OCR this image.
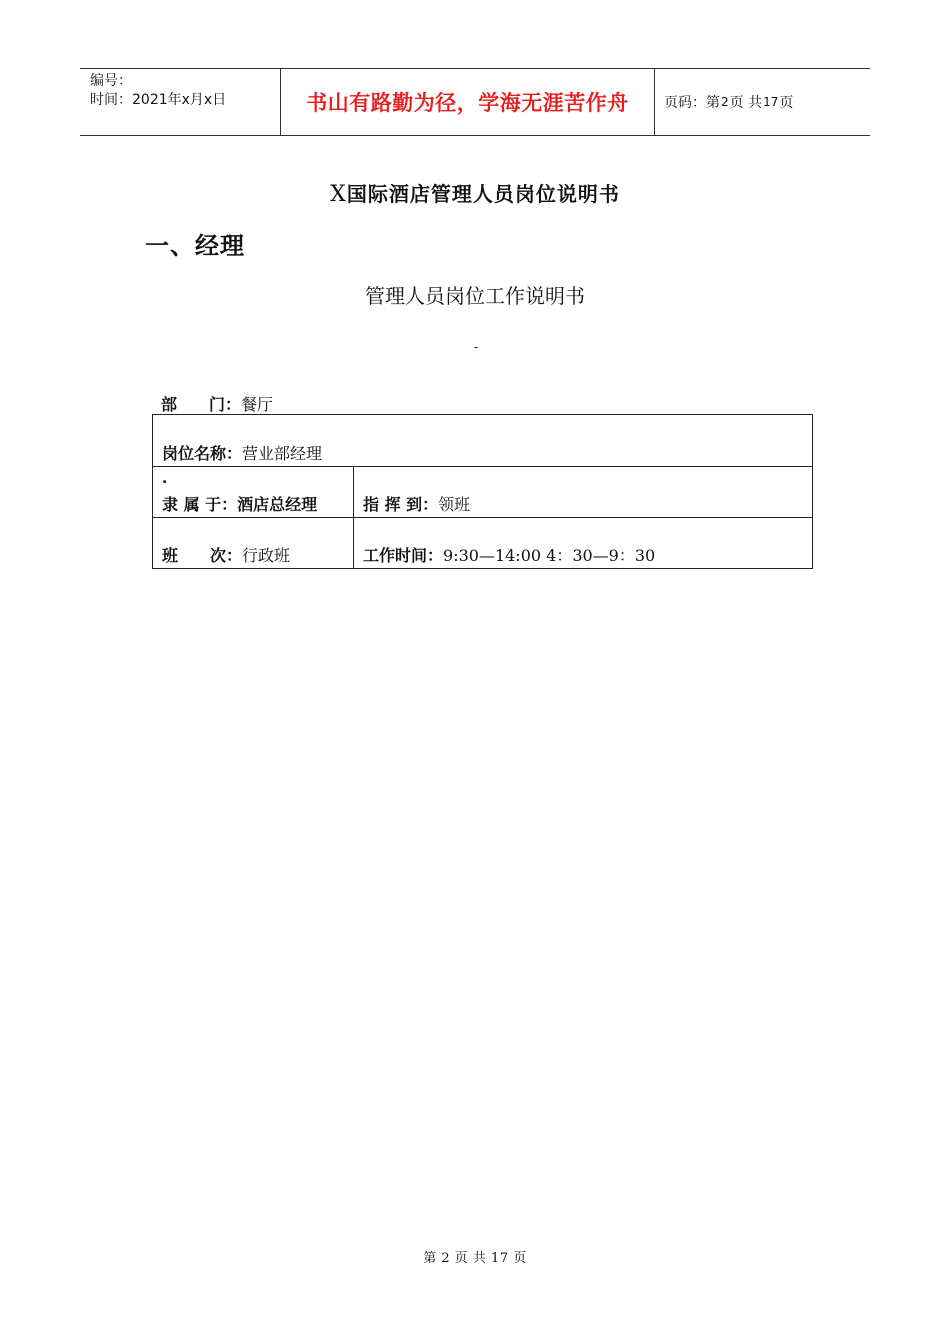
编号：
时间：2021年x月x日	书山有路勤为径，学海无涯苦作舟	页码：第 2 页 共 17 页
X国际酒店管理人员岗位说明书
一、经理
管理人员岗位工作说明书
-
部　　门：餐厅
岗位名称： 营业部经理
.
隶 属 于：酒店总经理	指 挥 到： 领班
班　　次： 行政班	工作时间： 9:30—14:00 4：30—9：30
第 2 页 共 17 页
